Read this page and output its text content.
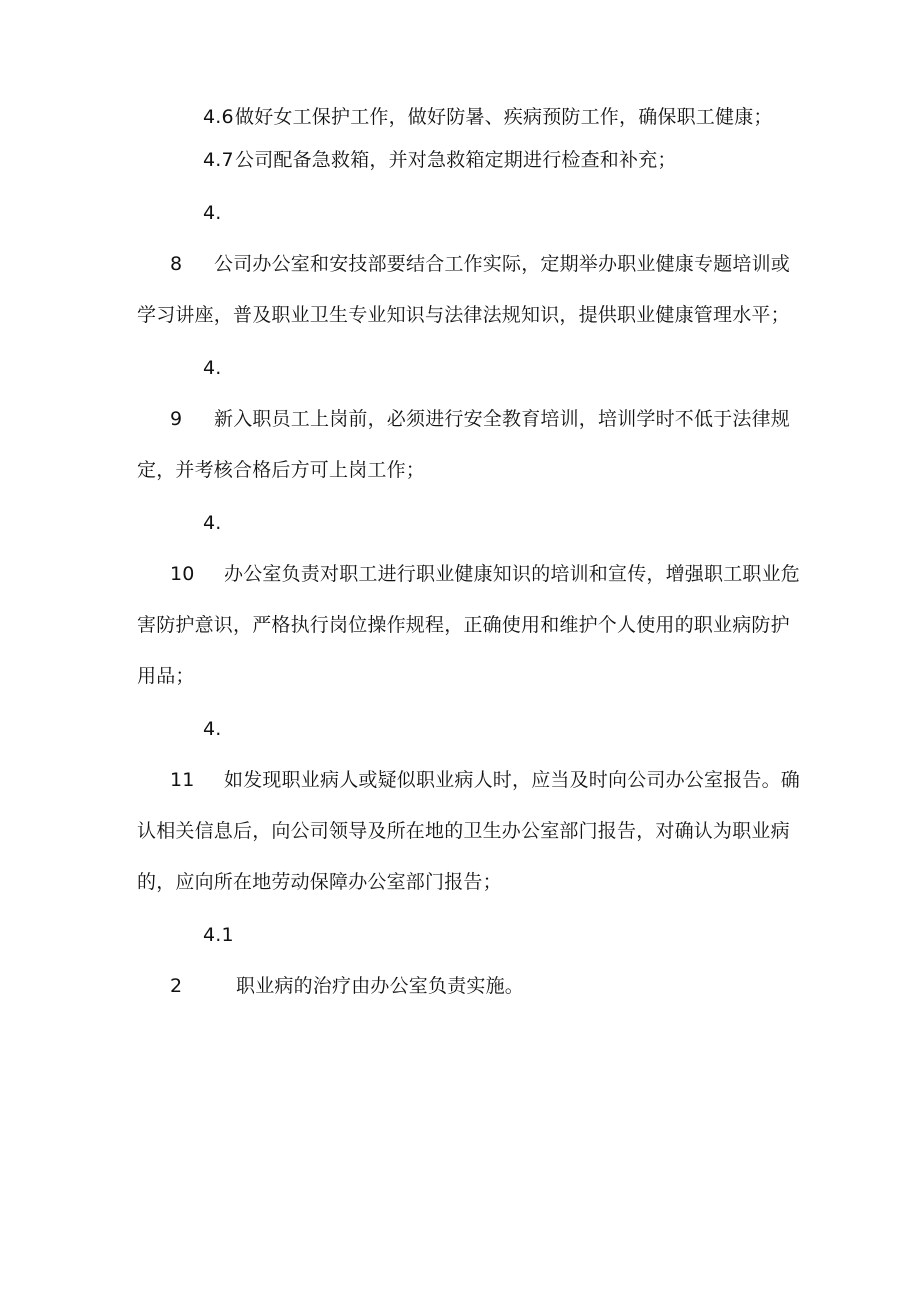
4.6做好女工保护工作，做好防暑、疾病预防工作，确保职工健康；

4.7公司配备急救箱，并对急救箱定期进行检查和补充；

4.8 公司办公室和安技部要结合工作实际，定期举办职业健康专题培训或学习讲座，普及职业卫生专业知识与法律法规知识，提供职业健康管理水平；

4.9 新入职员工上岗前，必须进行安全教育培训，培训学时不低于法律规定，并考核合格后方可上岗工作；

4.10 办公室负责对职工进行职业健康知识的培训和宣传，增强职工职业危害防护意识，严格执行岗位操作规程，正确使用和维护个人使用的职业病防护用品；

4.11 如发现职业病人或疑似职业病人时，应当及时向公司办公室报告。确认相关信息后，向公司领导及所在地的卫生办公室部门报告，对确认为职业病的，应向所在地劳动保障办公室部门报告；

4.12	职业病的治疗由办公室负责实施。
